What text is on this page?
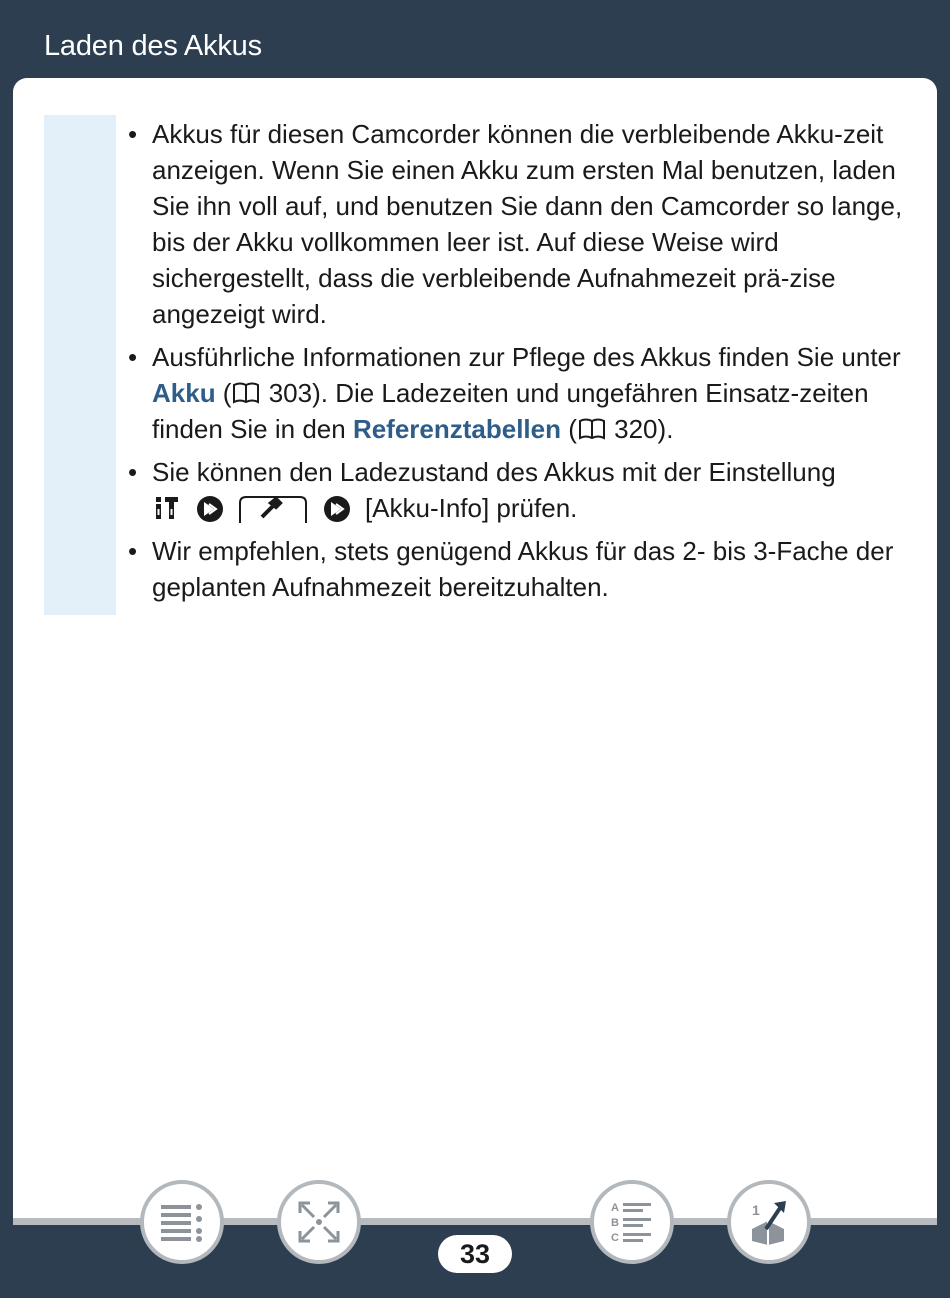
Laden des Akkus
• Akkus für diesen Camcorder können die verbleibende Akku-zeit anzeigen. Wenn Sie einen Akku zum ersten Mal benutzen, laden Sie ihn voll auf, und benutzen Sie dann den Camcorder so lange, bis der Akku vollkommen leer ist. Auf diese Weise wird sichergestellt, dass die verbleibende Aufnahmezeit prä-zise angezeigt wird.
• Ausführliche Informationen zur Pflege des Akkus finden Sie unter Akku ( 303). Die Ladezeiten und ungefähren Einsatz-zeiten finden Sie in den Referenztabellen ( 320).
• Sie können den Ladezustand des Akkus mit der Einstellung
[Akku-Info] prüfen.
• Wir empfehlen, stets genügend Akkus für das 2- bis 3-Fache der geplanten Aufnahmezeit bereitzuhalten.
33
A
B
C
1
